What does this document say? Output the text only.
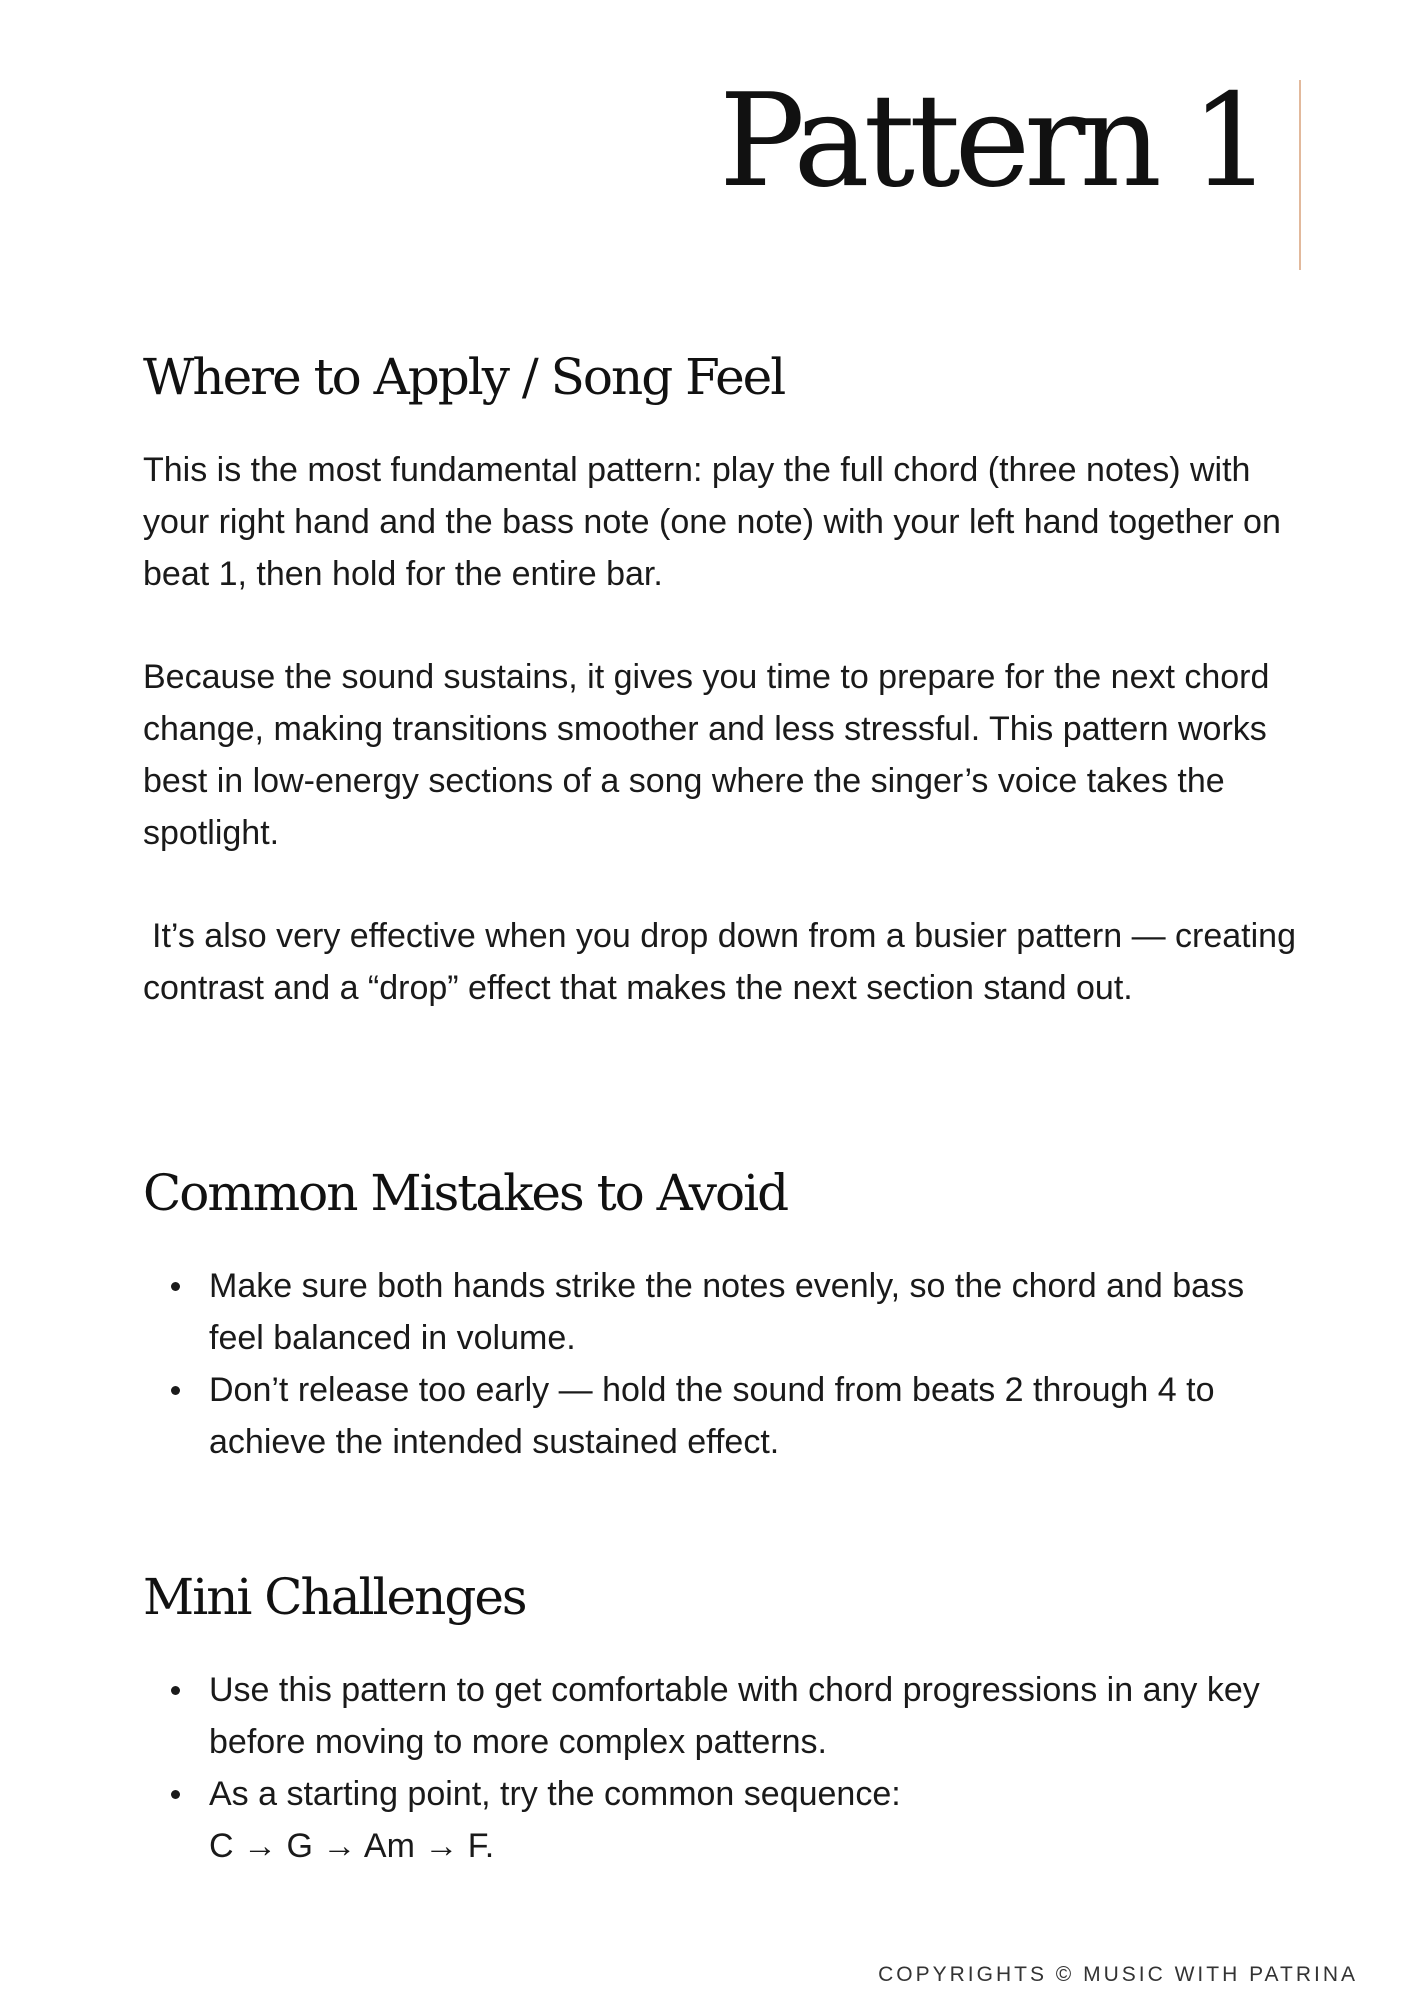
Pattern 1
Where to Apply / Song Feel

This is the most fundamental pattern: play the full chord (three notes) with your right hand and the bass note (one note) with your left hand together on beat 1, then hold for the entire bar.

Because the sound sustains, it gives you time to prepare for the next chord change, making transitions smoother and less stressful. This pattern works best in low-energy sections of a song where the singer’s voice takes the spotlight.

It’s also very effective when you drop down from a busier pattern — creating contrast and a “drop” effect that makes the next section stand out.

Common Mistakes to Avoid
Make sure both hands strike the notes evenly, so the chord and bass feel balanced in volume.
Don’t release too early — hold the sound from beats 2 through 4 to achieve the intended sustained effect.
Mini Challenges
Use this pattern to get comfortable with chord progressions in any key before moving to more complex patterns.
As a starting point, try the common sequence:
C → G → Am → F.
COPYRIGHTS © MUSIC WITH PATRINA
